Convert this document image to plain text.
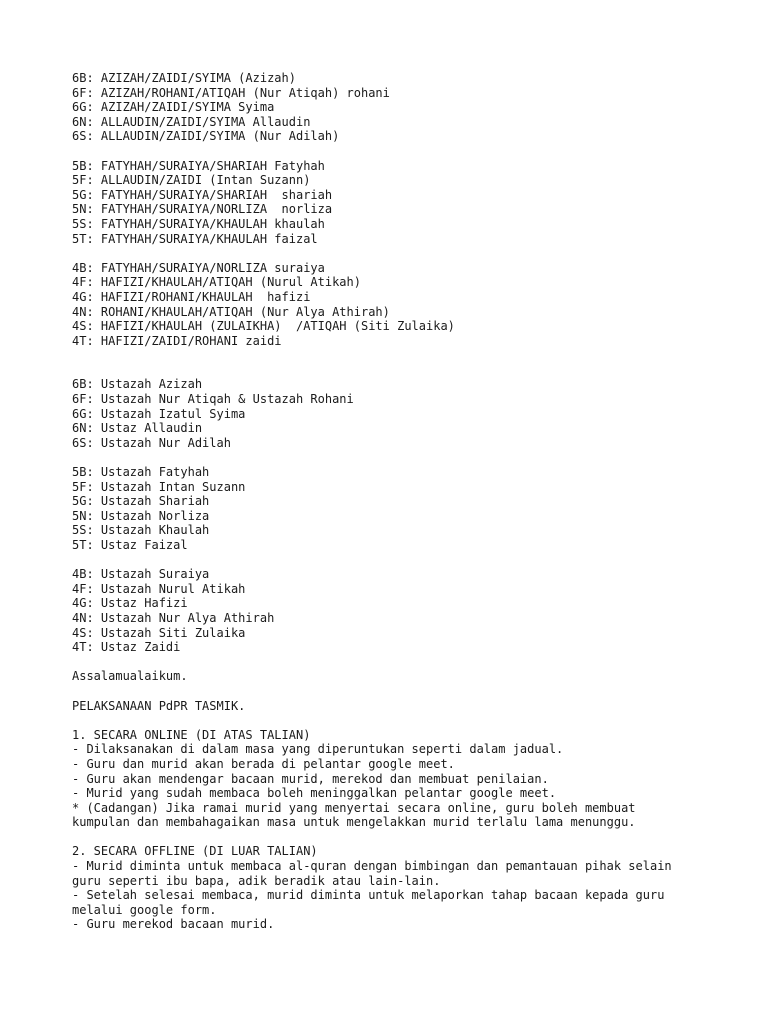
6B: AZIZAH/ZAIDI/SYIMA (Azizah)
6F: AZIZAH/ROHANI/ATIQAH (Nur Atiqah) rohani
6G: AZIZAH/ZAIDI/SYIMA Syima
6N: ALLAUDIN/ZAIDI/SYIMA Allaudin
6S: ALLAUDIN/ZAIDI/SYIMA (Nur Adilah)
5B: FATYHAH/SURAIYA/SHARIAH Fatyhah
5F: ALLAUDIN/ZAIDI (Intan Suzann)
5G: FATYHAH/SURAIYA/SHARIAH  shariah
5N: FATYHAH/SURAIYA/NORLIZA  norliza
5S: FATYHAH/SURAIYA/KHAULAH khaulah
5T: FATYHAH/SURAIYA/KHAULAH faizal
4B: FATYHAH/SURAIYA/NORLIZA suraiya
4F: HAFIZI/KHAULAH/ATIQAH (Nurul Atikah)
4G: HAFIZI/ROHANI/KHAULAH  hafizi
4N: ROHANI/KHAULAH/ATIQAH (Nur Alya Athirah)
4S: HAFIZI/KHAULAH (ZULAIKHA)  /ATIQAH (Siti Zulaika)
4T: HAFIZI/ZAIDI/ROHANI zaidi
6B: Ustazah Azizah
6F: Ustazah Nur Atiqah & Ustazah Rohani
6G: Ustazah Izatul Syima
6N: Ustaz Allaudin
6S: Ustazah Nur Adilah
5B: Ustazah Fatyhah
5F: Ustazah Intan Suzann
5G: Ustazah Shariah
5N: Ustazah Norliza
5S: Ustazah Khaulah
5T: Ustaz Faizal
4B: Ustazah Suraiya
4F: Ustazah Nurul Atikah
4G: Ustaz Hafizi
4N: Ustazah Nur Alya Athirah
4S: Ustazah Siti Zulaika
4T: Ustaz Zaidi
Assalamualaikum.
PELAKSANAAN PdPR TASMIK.
1. SECARA ONLINE (DI ATAS TALIAN)
- Dilaksanakan di dalam masa yang diperuntukan seperti dalam jadual.
- Guru dan murid akan berada di pelantar google meet.
- Guru akan mendengar bacaan murid, merekod dan membuat penilaian.
- Murid yang sudah membaca boleh meninggalkan pelantar google meet.
* (Cadangan) Jika ramai murid yang menyertai secara online, guru boleh membuat
kumpulan dan membahagaikan masa untuk mengelakkan murid terlalu lama menunggu.
2. SECARA OFFLINE (DI LUAR TALIAN)
- Murid diminta untuk membaca al-quran dengan bimbingan dan pemantauan pihak selain
guru seperti ibu bapa, adik beradik atau lain-lain.
- Setelah selesai membaca, murid diminta untuk melaporkan tahap bacaan kepada guru
melalui google form.
- Guru merekod bacaan murid.
